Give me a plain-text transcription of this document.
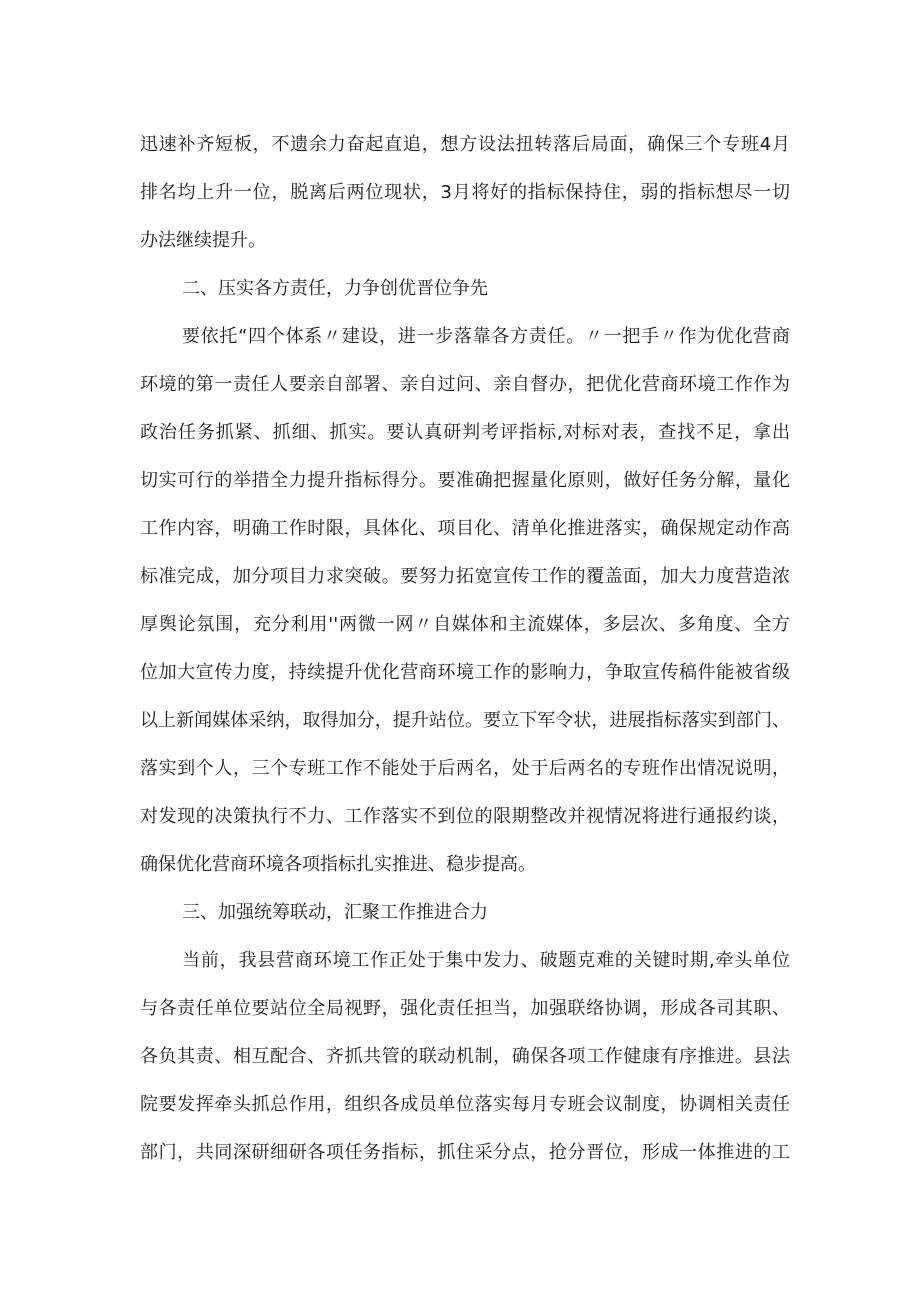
迅速补齐短板，不遗余力奋起直追，想方设法扭转落后局面，确保三个专班4月
排名均上升一位，脱离后两位现状，3月将好的指标保持住，弱的指标想尽一切
办法继续提升。
二、压实各方责任，力争创优晋位争先
要依托“四个体系〃建设，进一步落靠各方责任。〃一把手〃作为优化营商
环境的第一责任人要亲自部署、亲自过问、亲自督办，把优化营商环境工作作为
政治任务抓紧、抓细、抓实。要认真研判考评指标,对标对表，查找不足，拿出
切实可行的举措全力提升指标得分。要准确把握量化原则，做好任务分解，量化
工作内容，明确工作时限，具体化、项目化、清单化推进落实，确保规定动作高
标准完成，加分项目力求突破。要努力拓宽宣传工作的覆盖面，加大力度营造浓
厚舆论氛围，充分利用''两微一网〃自媒体和主流媒体，多层次、多角度、全方
位加大宣传力度，持续提升优化营商环境工作的影响力，争取宣传稿件能被省级
以上新闻媒体采纳，取得加分，提升站位。要立下军令状，进展指标落实到部门、
落实到个人，三个专班工作不能处于后两名，处于后两名的专班作出情况说明，
对发现的决策执行不力、工作落实不到位的限期整改并视情况将进行通报约谈，
确保优化营商环境各项指标扎实推进、稳步提高。
三、加强统筹联动，汇聚工作推进合力
当前，我县营商环境工作正处于集中发力、破题克难的关键时期,牵头单位
与各责任单位要站位全局视野，强化责任担当，加强联络协调，形成各司其职、
各负其责、相互配合、齐抓共管的联动机制，确保各项工作健康有序推进。县法
院要发挥牵头抓总作用，组织各成员单位落实每月专班会议制度，协调相关责任
部门，共同深研细研各项任务指标，抓住采分点，抢分晋位，形成一体推进的工
